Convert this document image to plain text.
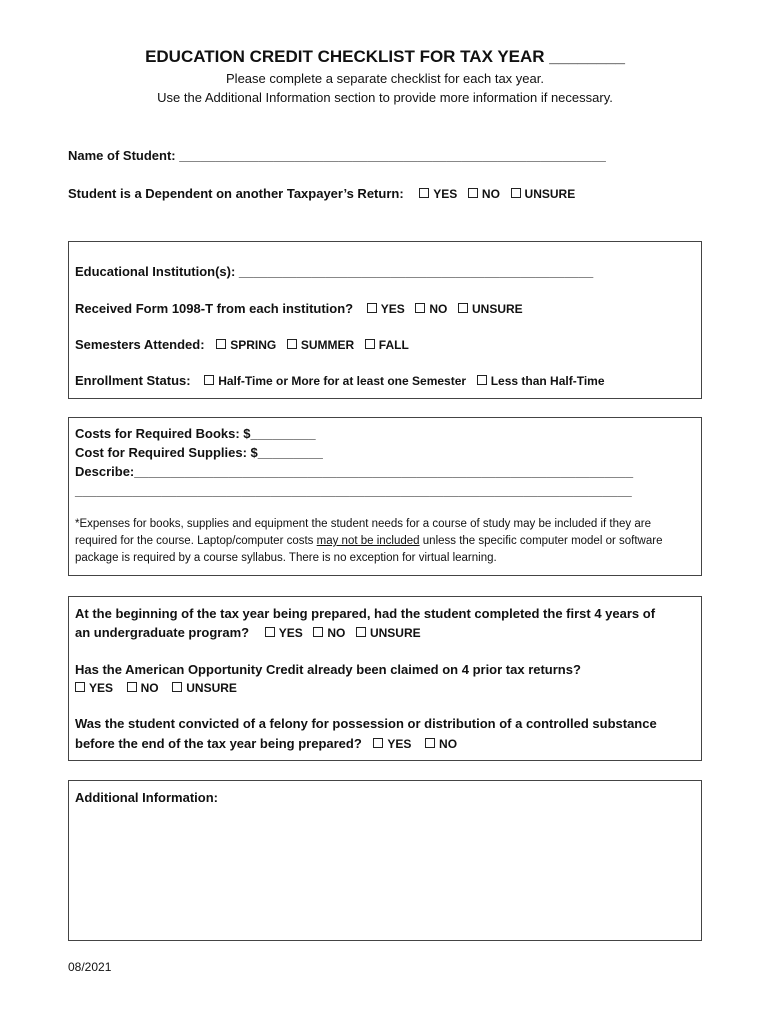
EDUCATION CREDIT CHECKLIST FOR TAX YEAR ________
Please complete a separate checklist for each tax year.
Use the Additional Information section to provide more information if necessary.
Name of Student: ___________________________________________________________
Student is a Dependent on another Taxpayer’s Return: YES NO UNSURE
Educational Institution(s): _________________________________________________
Received Form 1098-T from each institution? YES NO UNSURE
Semesters Attended: SPRING SUMMER FALL
Enrollment Status: Half-Time or More for at least one Semester Less than Half-Time
Costs for Required Books: $_________
Cost for Required Supplies: $_________
Describe:_____________________________________________________________________
_____________________________________________________________________________
*Expenses for books, supplies and equipment the student needs for a course of study may be included if they are required for the course. Laptop/computer costs may not be included unless the specific computer model or software package is required by a course syllabus. There is no exception for virtual learning.
At the beginning of the tax year being prepared, had the student completed the first 4 years of
an undergraduate program? YES NO UNSURE
Has the American Opportunity Credit already been claimed on 4 prior tax returns?
YES NO UNSURE
Was the student convicted of a felony for possession or distribution of a controlled substance
before the end of the tax year being prepared? YES NO
Additional Information:
08/2021
